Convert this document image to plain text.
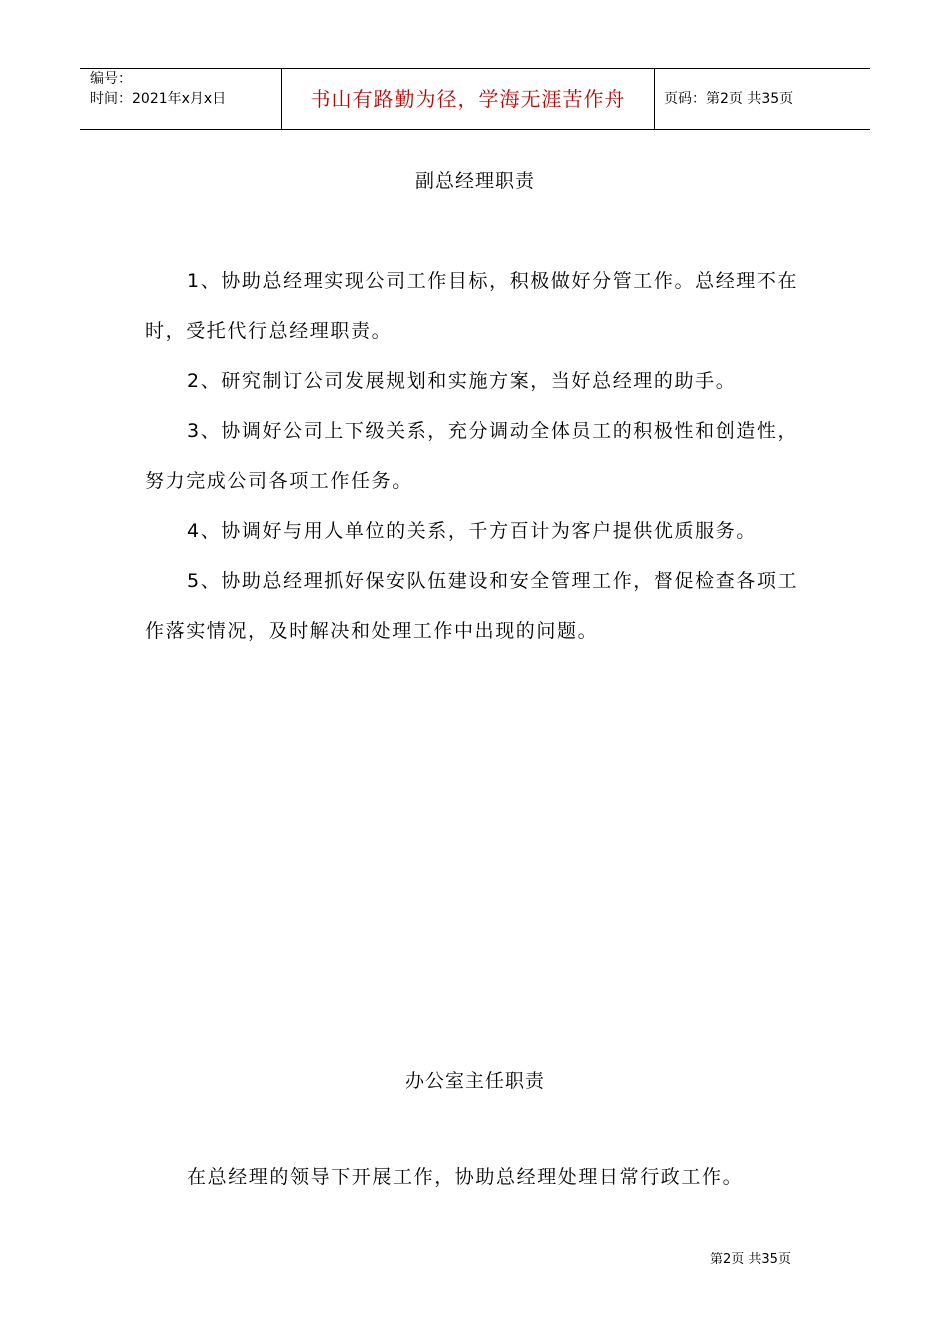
编号：
时间：2021年x月x日	书山有路勤为径，学海无涯苦作舟	页码：第2页 共35页
副总经理职责

1、协助总经理实现公司工作目标，积极做好分管工作。总经理不在时，受托代行总经理职责。

2、研究制订公司发展规划和实施方案，当好总经理的助手。

3、协调好公司上下级关系，充分调动全体员工的积极性和创造性，努力完成公司各项工作任务。

4、协调好与用人单位的关系，千方百计为客户提供优质服务。

5、协助总经理抓好保安队伍建设和安全管理工作，督促检查各项工作落实情况，及时解决和处理工作中出现的问题。

办公室主任职责

在总经理的领导下开展工作，协助总经理处理日常行政工作。

第2页 共35页
